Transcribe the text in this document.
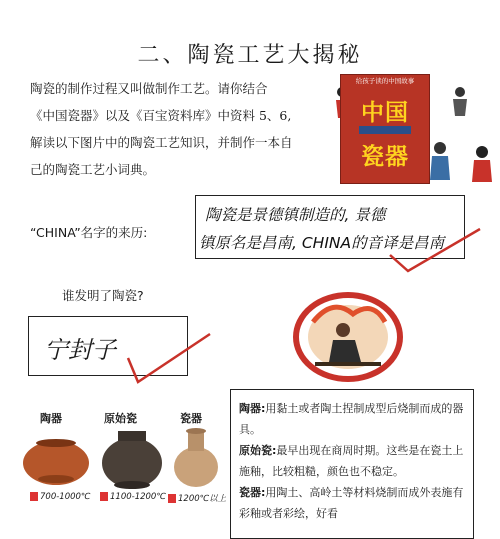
二、陶瓷工艺大揭秘
陶瓷的制作过程又叫做制作工艺。请你结合
《中国瓷器》以及《百宝资料库》中资料 5、6,
解读以下图片中的陶瓷工艺知识，并制作一本自
己的陶瓷工艺小词典。
给孩子读的中国故事
中国
瓷器
“CHINA”名字的来历:
陶瓷是景德镇制造的, 景德
镇原名是昌南, CHINA的音译是昌南
谁发明了陶瓷?
宁封子
陶器	原始瓷	瓷器
700-1000℃	1100-1200℃	1200℃以上

陶器:用黏土或者陶土捏制成型后烧制而成的器具。

原始瓷:最早出现在商周时期。这些是在瓷土上施釉，比较粗糙，颜色也不稳定。

瓷器:用陶土、高岭土等材料烧制而成外表施有彩釉或者彩绘，好看
